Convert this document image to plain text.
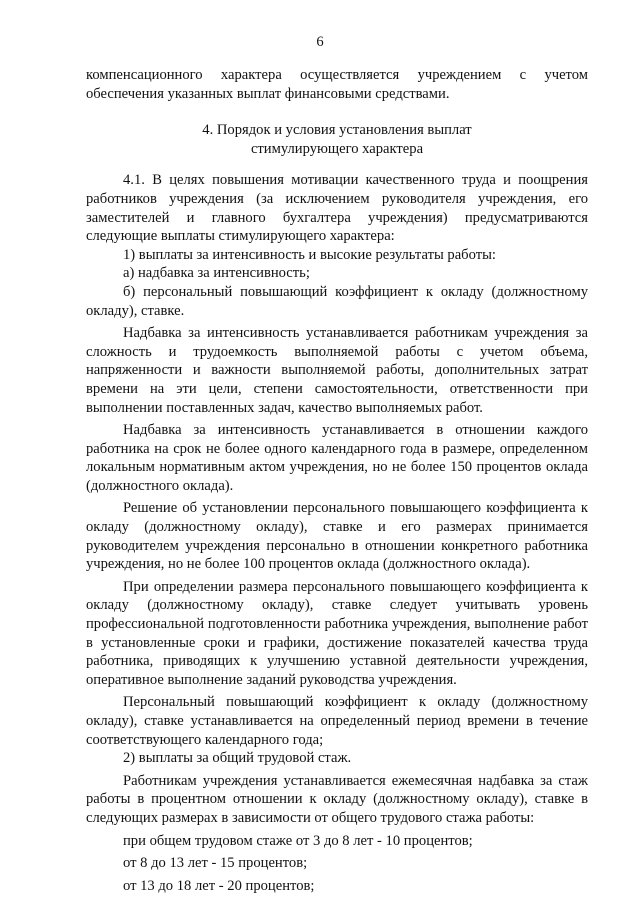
6

компенсационного характера осуществляется учреждением с учетом обеспечения указанных выплат финансовыми средствами.

4. Порядок и условия установления выплат

стимулирующего характера

4.1. В целях повышения мотивации качественного труда и поощрения работников учреждения (за исключением руководителя учреждения, его заместителей и главного бухгалтера учреждения) предусматриваются следующие выплаты стимулирующего характера:

1) выплаты за интенсивность и высокие результаты работы:

а) надбавка за интенсивность;

б) персональный повышающий коэффициент к окладу (должностному окладу), ставке.

Надбавка за интенсивность устанавливается работникам учреждения за сложность и трудоемкость выполняемой работы с учетом объема, напряженности и важности выполняемой работы, дополнительных затрат времени на эти цели, степени самостоятельности, ответственности при выполнении поставленных задач, качество выполняемых работ.

Надбавка за интенсивность устанавливается в отношении каждого работника на срок не более одного календарного года в размере, определенном локальным нормативным актом учреждения, но не более 150 процентов оклада (должностного оклада).

Решение об установлении персонального повышающего коэффициента к окладу (должностному окладу), ставке и его размерах принимается руководителем учреждения персонально в отношении конкретного работника учреждения, но не более 100 процентов оклада (должностного оклада).

При определении размера персонального повышающего коэффициента к окладу (должностному окладу), ставке следует учитывать уровень профессиональной подготовленности работника учреждения, выполнение работ в установленные сроки и графики, достижение показателей качества труда работника, приводящих к улучшению уставной деятельности учреждения, оперативное выполнение заданий руководства учреждения.

Персональный повышающий коэффициент к окладу (должностному окладу), ставке устанавливается на определенный период времени в течение соответствующего календарного года;

2) выплаты за общий трудовой стаж.

Работникам учреждения устанавливается ежемесячная надбавка за стаж работы в процентном отношении к окладу (должностному окладу), ставке в следующих размерах в зависимости от общего трудового стажа работы:

при общем трудовом стаже от 3 до 8 лет - 10 процентов;

от 8 до 13 лет - 15 процентов;

от 13 до 18 лет - 20 процентов;
